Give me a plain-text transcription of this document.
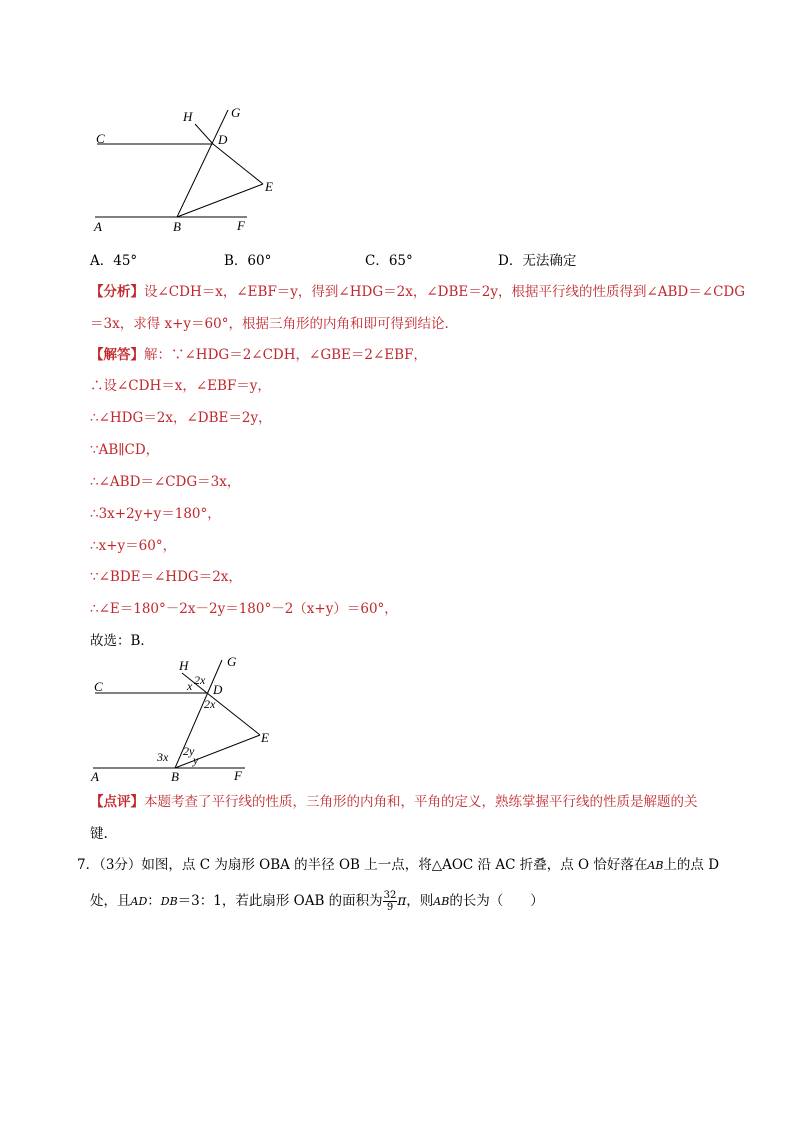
H	G
C	D
E
A	B	F
A．45°	B．60°	C．65°	D．无法确定
【分析】设∠CDH＝x，∠EBF＝y，得到∠HDG＝2x，∠DBE＝2y，根据平行线的性质得到∠ABD＝∠CDG
＝3x，求得 x+y＝60°，根据三角形的内角和即可得到结论.
【解答】解：∵∠HDG＝2∠CDH，∠GBE＝2∠EBF，
∴设∠CDH＝x，∠EBF＝y，
∴∠HDG＝2x，∠DBE＝2y，
∵AB∥CD，
∴∠ABD＝∠CDG＝3x，
∴3x+2y+y＝180°，
∴x+y＝60°，
∵∠BDE＝∠HDG＝2x，
∴∠E＝180°－2x－2y＝180°－2（x+y）＝60°，
故选：B．
H	G
C	D
E
A	B	F
2x
x
2x
3x 2y
y
【点评】本题考查了平行线的性质，三角形的内角和，平角的定义，熟练掌握平行线的性质是解题的关
键.
7．（3分）如图，点 C 为扇形 OBA 的半径 OB 上一点，将△AOC 沿 AC 折叠，点 O 恰好落在AB上的点 D
处，且AD：DB＝3：1，若此扇形 OAB 的面积为 $\frac{32}{9}$ π，则AB的长为（　　）
